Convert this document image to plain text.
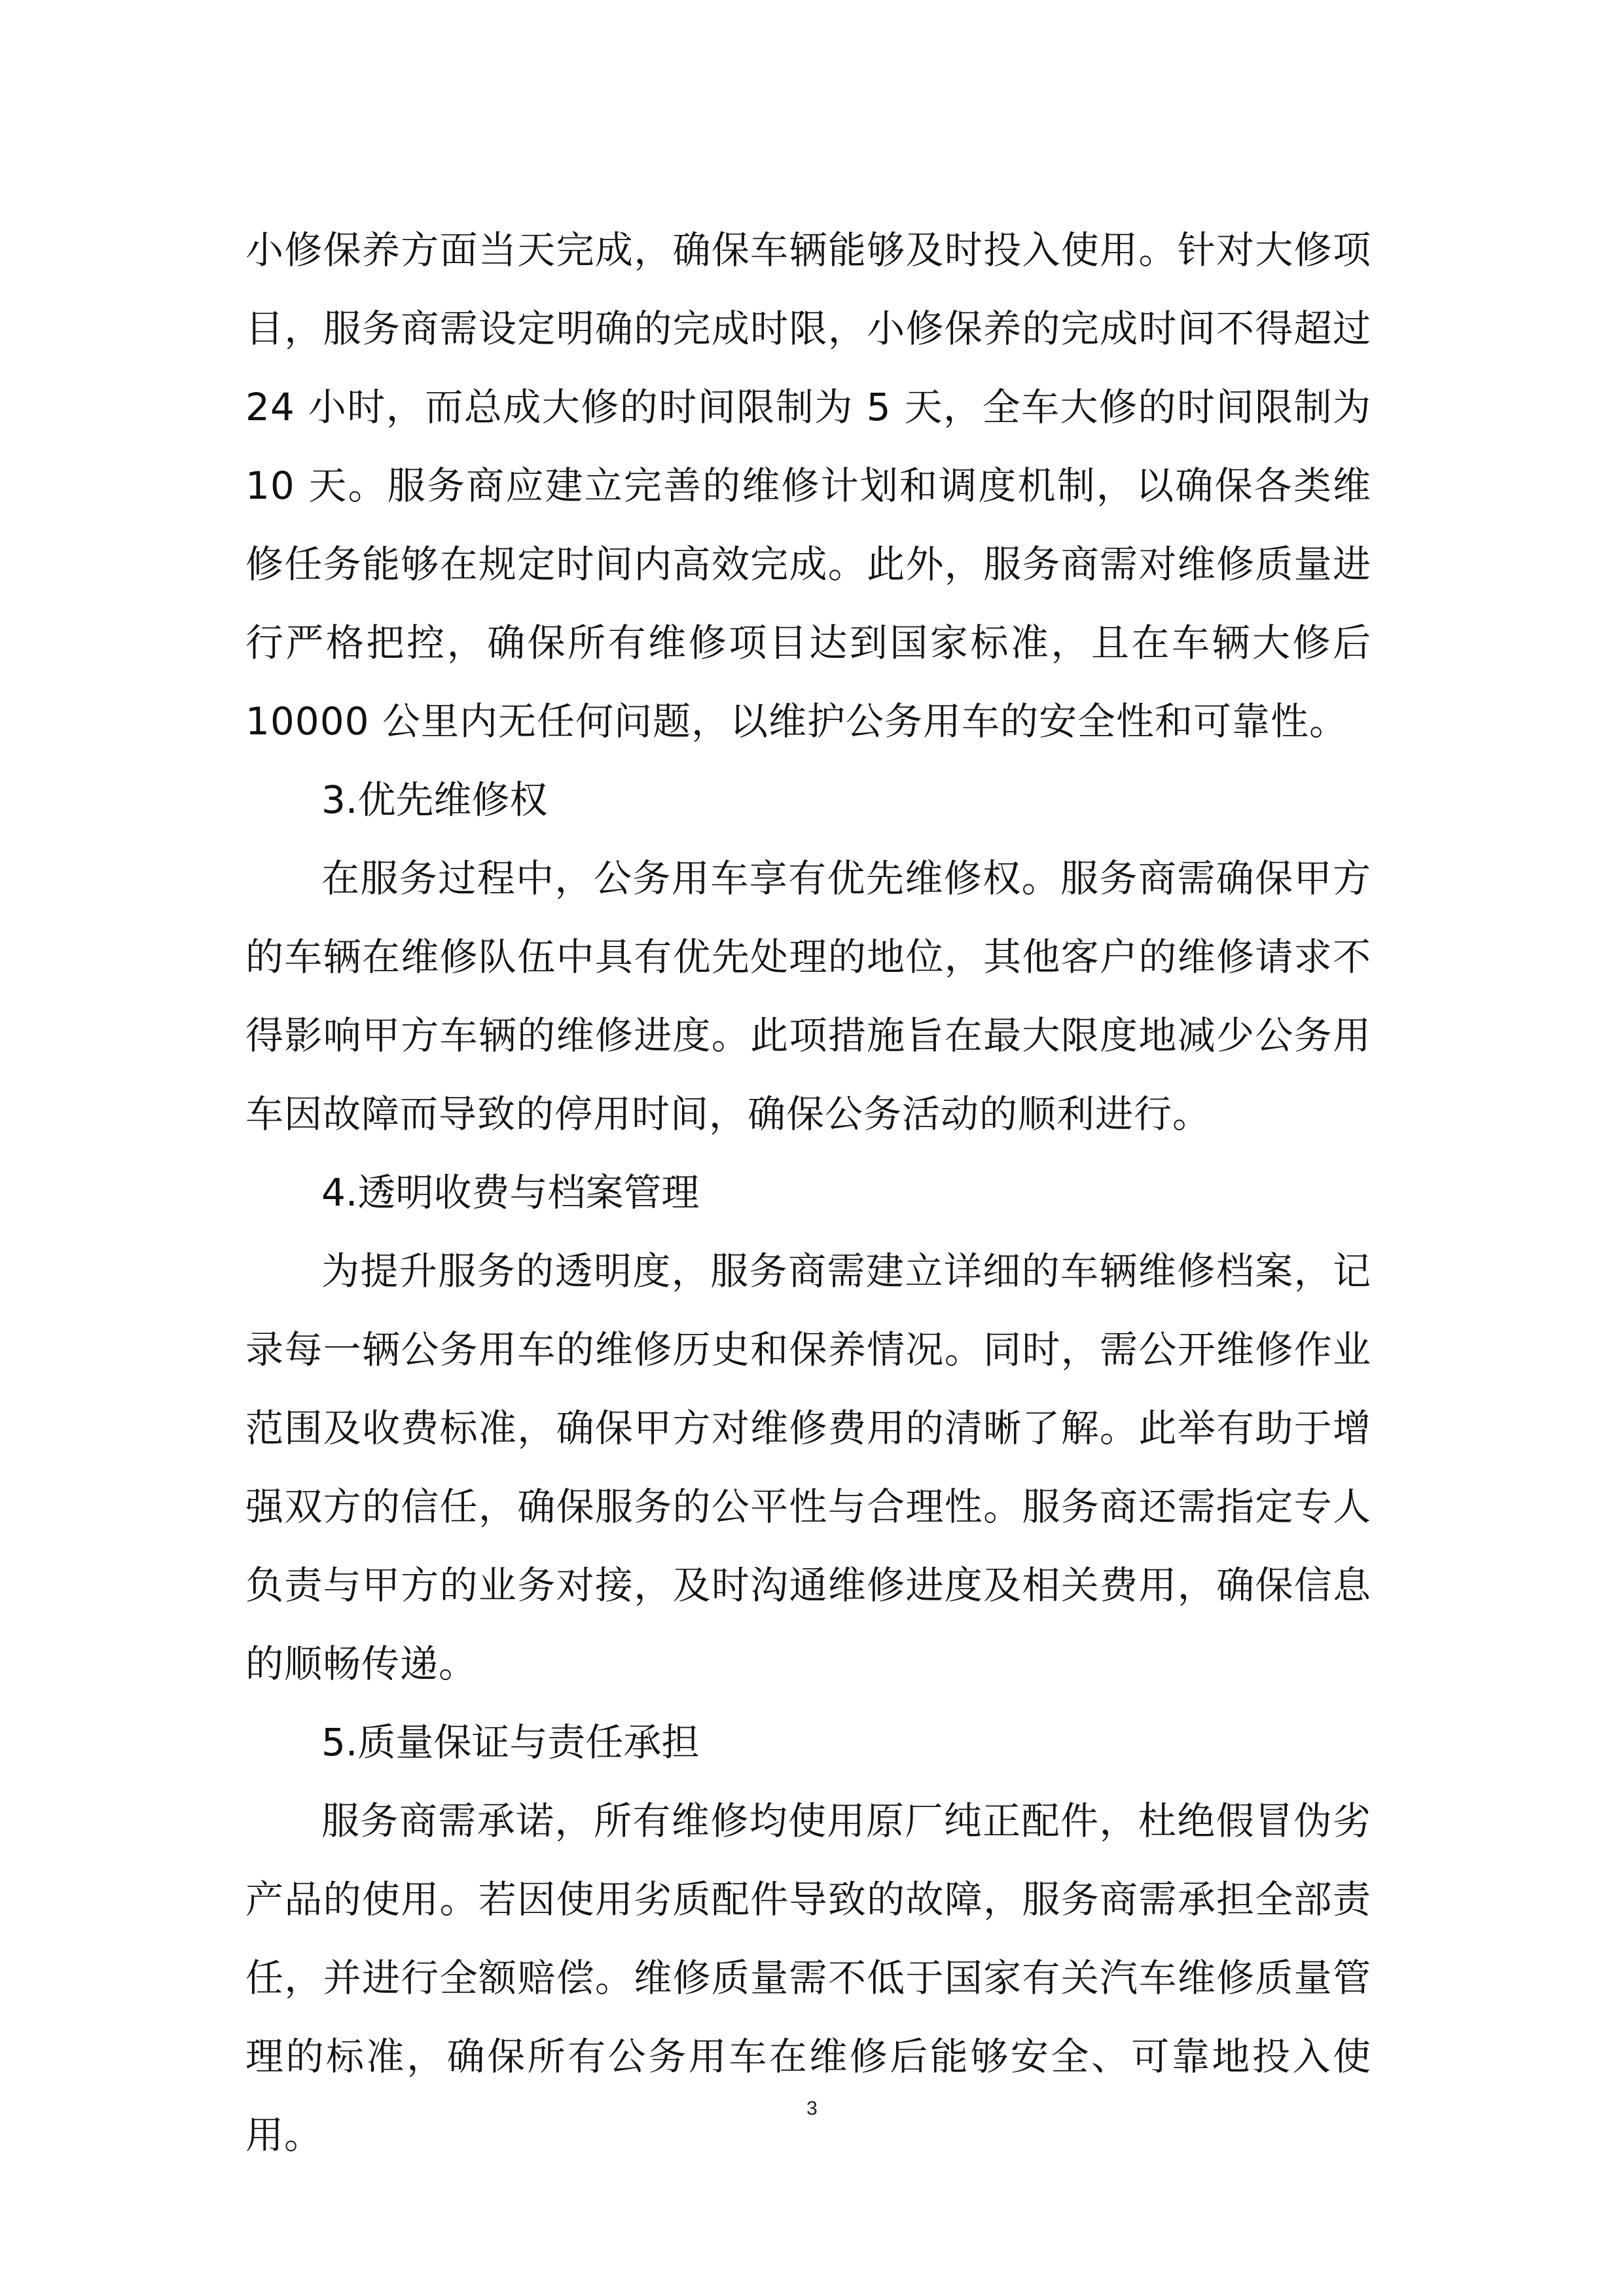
小修保养方面当天完成，确保车辆能够及时投入使用。针对大修项目，服务商需设定明确的完成时限，小修保养的完成时间不得超过 24 小时，而总成大修的时间限制为 5 天，全车大修的时间限制为 10 天。服务商应建立完善的维修计划和调度机制，以确保各类维修任务能够在规定时间内高效完成。此外，服务商需对维修质量进行严格把控，确保所有维修项目达到国家标准，且在车辆大修后 10000 公里内无任何问题，以维护公务用车的安全性和可靠性。

3.优先维修权

在服务过程中，公务用车享有优先维修权。服务商需确保甲方的车辆在维修队伍中具有优先处理的地位，其他客户的维修请求不得影响甲方车辆的维修进度。此项措施旨在最大限度地减少公务用车因故障而导致的停用时间，确保公务活动的顺利进行。

4.透明收费与档案管理

为提升服务的透明度，服务商需建立详细的车辆维修档案，记录每一辆公务用车的维修历史和保养情况。同时，需公开维修作业范围及收费标准，确保甲方对维修费用的清晰了解。此举有助于增强双方的信任，确保服务的公平性与合理性。服务商还需指定专人负责与甲方的业务对接，及时沟通维修进度及相关费用，确保信息的顺畅传递。

5.质量保证与责任承担

服务商需承诺，所有维修均使用原厂纯正配件，杜绝假冒伪劣产品的使用。若因使用劣质配件导致的故障，服务商需承担全部责任，并进行全额赔偿。维修质量需不低于国家有关汽车维修质量管理的标准，确保所有公务用车在维修后能够安全、可靠地投入使用。

3
